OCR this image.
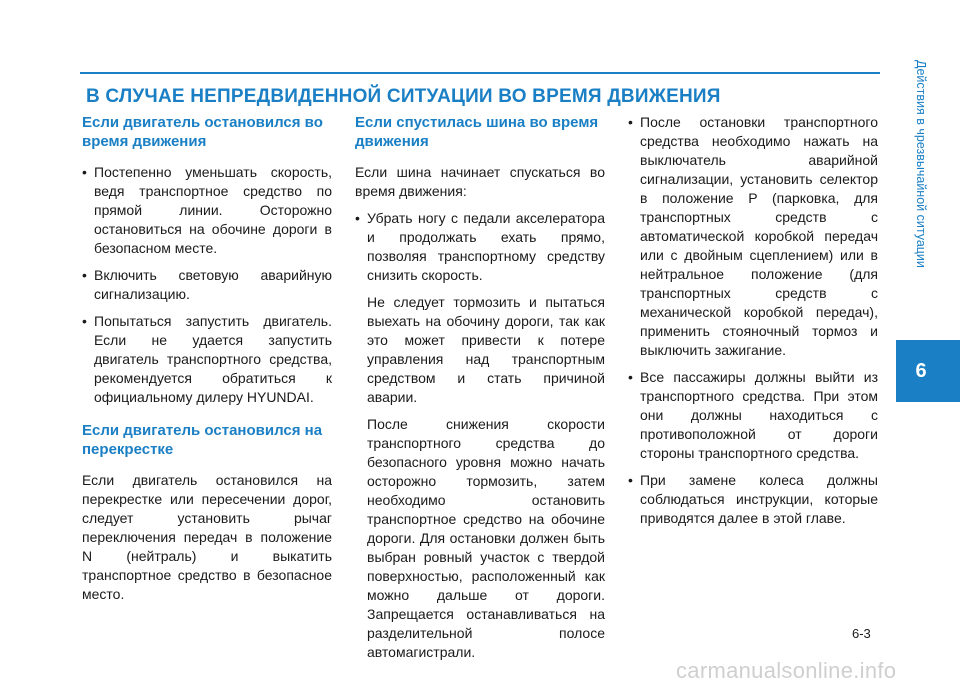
В СЛУЧАЕ НЕПРЕДВИДЕННОЙ СИТУАЦИИ ВО ВРЕМЯ ДВИЖЕНИЯ
Если двигатель остановился во время движения
• Постепенно уменьшать скорость, ведя транспортное средство по прямой линии. Осторожно остановиться на обочине дороги в безопасном месте.
• Включить световую аварийную сигнализацию.
• Попытаться запустить двигатель. Если не удается запустить двигатель транспортного средства, рекомендуется обратиться к официальному дилеру HYUNDAI.
Если двигатель остановился на перекрестке

Если двигатель остановился на перекрестке или пересечении дорог, следует установить рычаг переключения передач в положение N (нейтраль) и выкатить транспортное средство в безопасное место.

Если спустилась шина во время движения

Если шина начинает спускаться во время движения:

• Убрать ногу с педали акселератора и продолжать ехать прямо, позволяя транспортному средству снизить скорость.

Не следует тормозить и пытаться выехать на обочину дороги, так как это может привести к потере управления над транспортным средством и стать причиной аварии.

После снижения скорости транспортного средства до безопасного уровня можно начать осторожно тормозить, затем необходимо остановить транспортное средство на обочине дороги. Для остановки должен быть выбран ровный участок с твердой поверхностью, расположенный как можно дальше от дороги. Запрещается останавливаться на разделительной полосе автомагистрали.

• После остановки транспортного средства необходимо нажать на выключатель аварийной сигнализации, установить селектор в положение P (парковка, для транспортных средств с автоматической коробкой передач или с двойным сцеплением) или в нейтральное положение (для транспортных средств с механической коробкой передач), применить стояночный тормоз и выключить зажигание.
• Все пассажиры должны выйти из транспортного средства. При этом они должны находиться с противоположной от дороги стороны транспортного средства.
• При замене колеса должны соблюдаться инструкции, которые приводятся далее в этой главе.
Действия в чрезвычайной ситуации
6
6-3
carmanualsonline.info
